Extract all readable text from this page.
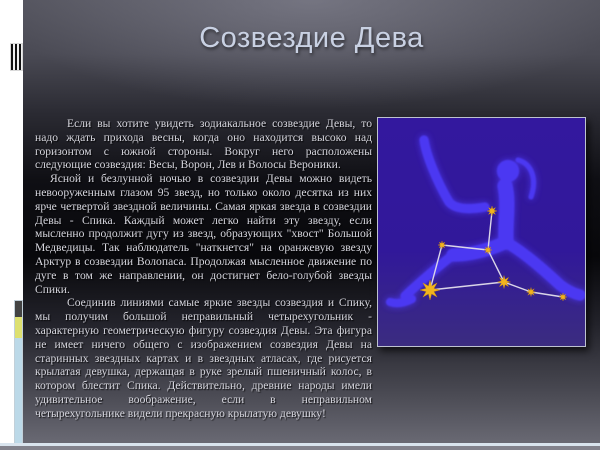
Созвездие Дева

Если вы хотите увидеть зодиакальное созвездие Девы, то надо ждать прихода весны, когда оно находится высоко над горизонтом с южной стороны. Вокруг него расположены следующие созвездия: Весы, Ворон, Лев и Волосы Вероники.

Ясной и безлунной ночью в созвездии Девы можно видеть невооруженным глазом 95 звезд, но только около десятка из них ярче четвертой звездной величины. Самая яркая звезда в созвездии Девы - Спика. Каждый может легко найти эту звезду, если мысленно продолжит дугу из звезд, образующих "хвост" Большой Медведицы. Так наблюдатель "наткнется" на оранжевую звезду Арктур в созвездии Волопаса. Продолжая мысленное движение по дуге в том же направлении, он достигнет бело-голубой звезды Спики.

Соединив линиями самые яркие звезды созвездия и Спику, мы получим большой неправильный четырехугольник - характерную геометрическую фигуру созвездия Девы. Эта фигура не имеет ничего общего с изображением созвездия Девы на старинных звездных картах и в звездных атласах, где рисуется крылатая девушка, держащая в руке зрелый пшеничный колос, в котором блестит Спика. Действительно, древние народы имели удивительное воображение, если в неправильном четырехугольнике видели прекрасную крылатую девушку!
